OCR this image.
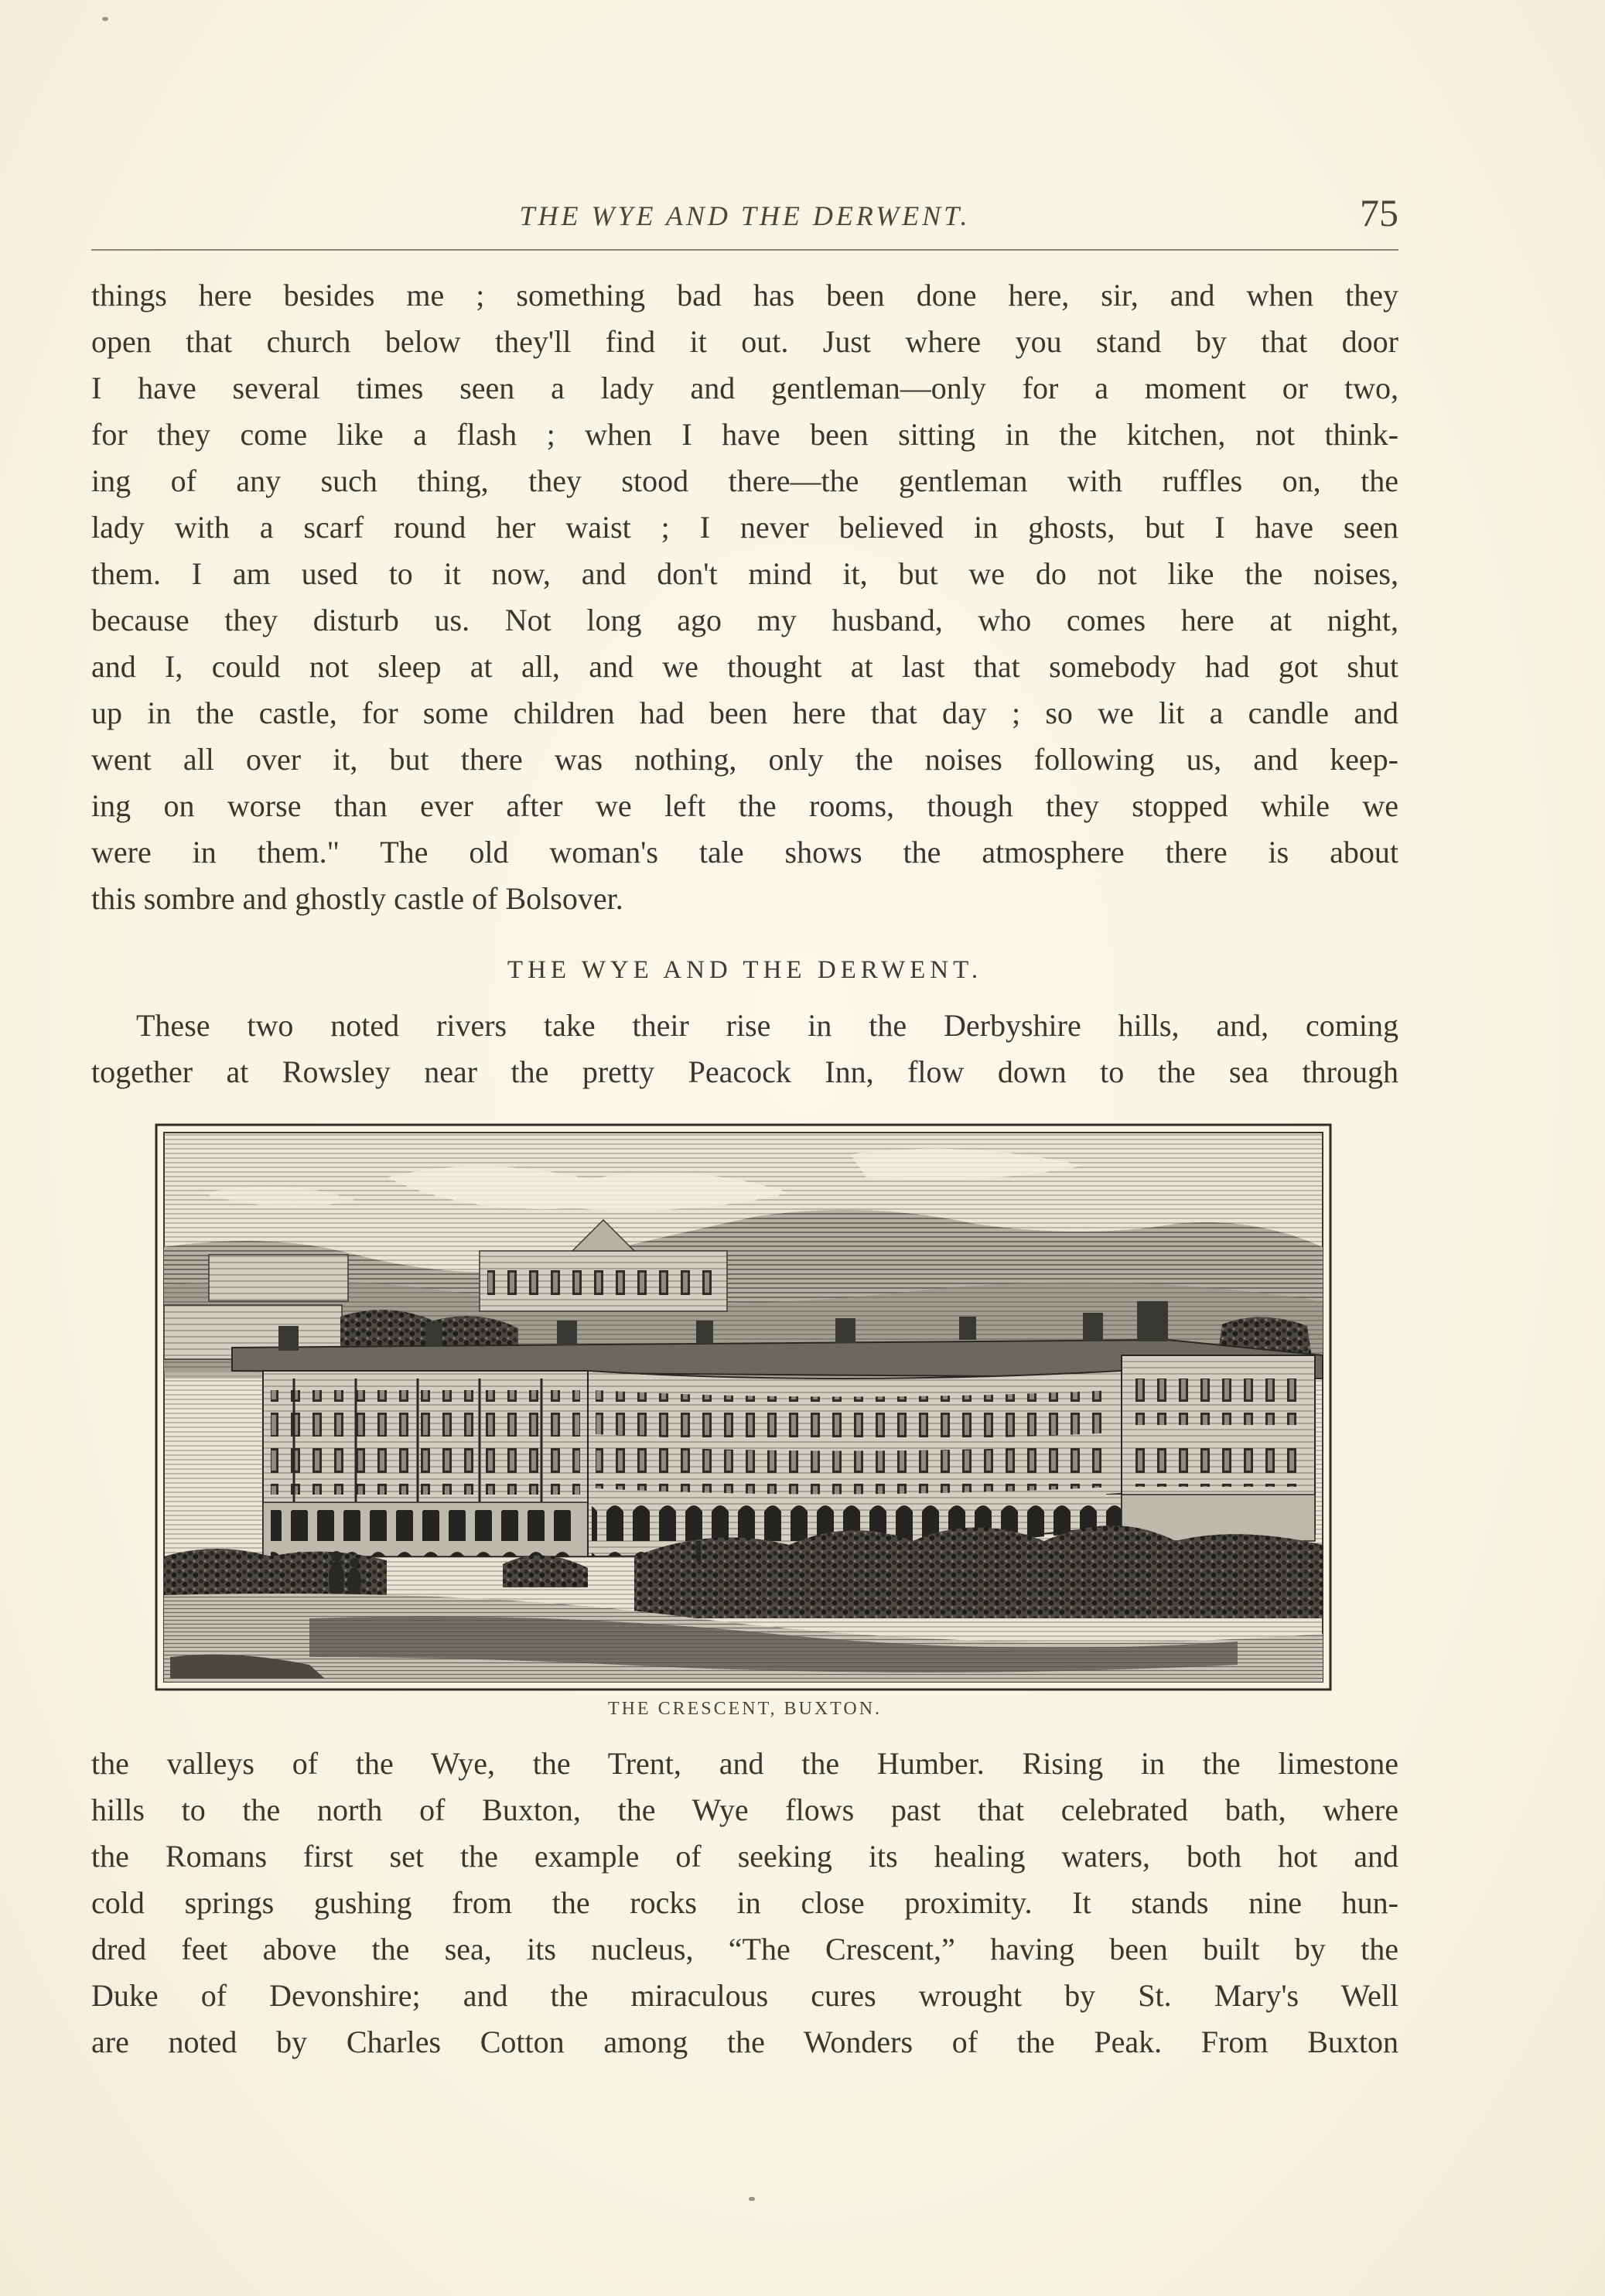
THE WYE AND THE DERWENT.	75
things here besides me ; something bad has been done here, sir, and when they
open that church below they'll find it out. Just where you stand by that door
I have several times seen a lady and gentleman—only for a moment or two,
for they come like a flash ; when I have been sitting in the kitchen, not think-
ing of any such thing, they stood there—the gentleman with ruffles on, the
lady with a scarf round her waist ; I never believed in ghosts, but I have seen
them. I am used to it now, and don't mind it, but we do not like the noises,
because they disturb us. Not long ago my husband, who comes here at night,
and I, could not sleep at all, and we thought at last that somebody had got shut
up in the castle, for some children had been here that day ; so we lit a candle and
went all over it, but there was nothing, only the noises following us, and keep-
ing on worse than ever after we left the rooms, though they stopped while we
were in them." The old woman's tale shows the atmosphere there is about
this sombre and ghostly castle of Bolsover.
THE WYE AND THE DERWENT.
These two noted rivers take their rise in the Derbyshire hills, and, coming
together at Rowsley near the pretty Peacock Inn, flow down to the sea through
THE CRESCENT, BUXTON.
the valleys of the Wye, the Trent, and the Humber. Rising in the limestone
hills to the north of Buxton, the Wye flows past that celebrated bath, where
the Romans first set the example of seeking its healing waters, both hot and
cold springs gushing from the rocks in close proximity. It stands nine hun-
dred feet above the sea, its nucleus, “The Crescent,” having been built by the
Duke of Devonshire; and the miraculous cures wrought by St. Mary's Well
are noted by Charles Cotton among the Wonders of the Peak. From Buxton
